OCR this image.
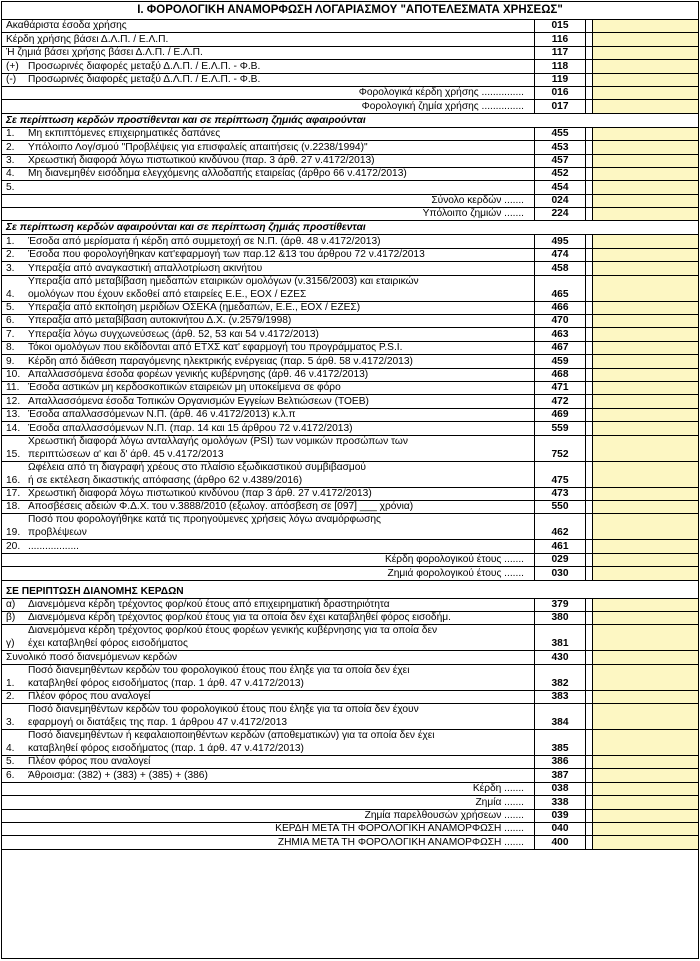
Ι. ΦΟΡΟΛΟΓΙΚΗ ΑΝΑΜΟΡΦΩΣΗ ΛΟΓΑΡΙΑΣΜΟΥ "ΑΠΟΤΕΛΕΣΜΑΤΑ ΧΡΗΣΕΩΣ"
Ακαθάριστα έσοδα χρήσης	015
Κέρδη χρήσης βάσει Δ.Λ.Π. / Ε.Λ.Π.	116
Ή ζημιά βάσει χρήσης βάσει Δ.Λ.Π. / Ε.Λ.Π.	117
(+) Προσωρινές διαφορές μεταξύ Δ.Λ.Π. / Ε.Λ.Π. - Φ.Β.	118
(-)	Προσωρινές διαφορές μεταξύ Δ.Λ.Π. / Ε.Λ.Π. - Φ.Β.	119
Φορολογικά κέρδη χρήσης ...............	016
Φορολογική ζημία χρήσης ...............	017
Σε περίπτωση κερδών προστίθενται και σε περίπτωση ζημιάς αφαιρούνται
1.	Μη εκπιπτόμενες επιχειρηματικές δαπάνες	455
2.	Υπόλοιπο Λογ/σμού "Προβλέψεις για επισφαλείς απαιτήσεις (ν.2238/1994)"	453
3.	Χρεωστική διαφορά λόγω πιστωτικού κινδύνου (παρ. 3 άρθ. 27 ν.4172/2013)	457
4.	Μη διανεμηθέν εισόδημα ελεγχόμενης αλλοδαπής εταιρείας (άρθρο 66 ν.4172/2013)	452
5.	454
Σύνολο κερδών .......	024
Υπόλοιπο ζημιών .......	224
Σε περίπτωση κερδών αφαιρούνται και σε περίπτωση ζημιάς προστίθενται
1.	Έσοδα από μερίσματα ή κέρδη από συμμετοχή σε Ν.Π. (άρθ. 48 ν.4172/2013)	495
2.	Έσοδα που φορολογήθηκαν κατ'εφαρμογή των παρ.12 &13 του άρθρου 72 ν.4172/2013	474
3.	Υπεραξία από αναγκαστική απαλλοτρίωση ακινήτου	458
4.
Υπεραξία από μεταβίβαση ημεδαπών εταιρικών ομολόγων (ν.3156/2003) και εταιρικών
ομολόγων που έχουν εκδοθεί από εταιρείες Ε.Ε., ΕΟΧ / ΕΖΕΣ	465
5.	Υπεραξία από εκποίηση μεριδίων ΟΣΕΚΑ (ημεδαπών, Ε.Ε., ΕΟΧ / ΕΖΕΣ)	466
6.	Υπεραξία από μεταβίβαση αυτοκινήτου Δ.Χ. (ν.2579/1998)	470
7.	Υπεραξία λόγω συγχωνεύσεως (άρθ. 52, 53 και 54 ν.4172/2013)	463
8.	Τόκοι ομολόγων που εκδίδονται από ΕΤΧΣ κατ' εφαρμογή του προγράμματος P.S.I.	467
9.	Κέρδη από διάθεση παραγόμενης ηλεκτρικής ενέργειας (παρ. 5 άρθ. 58 ν.4172/2013)	459
10. Απαλλασσόμενα έσοδα φορέων γενικής κυβέρνησης (άρθ. 46 ν.4172/2013)	468
11. Έσοδα αστικών μη κερδοσκοπικών εταιρειών μη υποκείμενα σε φόρο	471
12. Απαλλασσόμενα έσοδα Τοπικών Οργανισμών Εγγείων Βελτιώσεων (ΤΟΕΒ)	472
13. Έσοδα απαλλασσόμενων Ν.Π. (άρθ. 46 ν.4172/2013) κ.λ.π	469
14. Έσοδα απαλλασσόμενων Ν.Π. (παρ. 14 και 15 άρθρου 72 ν.4172/2013)	559
15.
Χρεωστική διαφορά λόγω ανταλλαγής ομολόγων (PSI) των νομικών προσώπων των
περιπτώσεων α' και δ' άρθ. 45 ν.4172/2013	752
16.
Ωφέλεια από τη διαγραφή χρέους στο πλαίσιο εξωδικαστικού συμβιβασμού
ή σε εκτέλεση δικαστικής απόφασης (άρθρο 62 ν.4389/2016)	475
17. Χρεωστική διαφορά λόγω πιστωτικού κινδύνου (παρ 3 άρθ. 27 ν.4172/2013)	473
18. Αποσβέσεις αδειών Φ.Δ.Χ. του ν.3888/2010 (εξωλογ. απόσβεση σε [097] ___ χρόνια)	550
19.
Ποσό που φορολογήθηκε κατά τις προηγούμενες χρήσεις λόγω αναμόρφωσης
προβλέψεων	462
20. ..................	461
Κέρδη φορολογικού έτους .......	029
Ζημιά φορολογικού έτους .......	030
ΣΕ ΠΕΡΙΠΤΩΣΗ ΔΙΑΝΟΜΗΣ ΚΕΡΔΩΝ
α)	Διανεμόμενα κέρδη τρέχοντος φορ/κού έτους από επιχειρηματική δραστηριότητα	379
β)	Διανεμόμενα κέρδη τρέχοντος φορ/κού έτους για τα οποία δεν έχει καταβληθεί φόρος εισοδήμ.	380
γ)
Διανεμόμενα κέρδη τρέχοντος φορ/κού έτους φορέων γενικής κυβέρνησης για τα οποία δεν
έχει καταβληθεί φόρος εισοδήματος	381
Συνολικό ποσό διανεμόμενων κερδών	430
1.
Ποσό διανεμηθέντων κερδών του φορολογικού έτους που έληξε για τα οποία δεν έχει
καταβληθεί φόρος εισοδήματος (παρ. 1 άρθ. 47 ν.4172/2013)	382
2.	Πλέον φόρος που αναλογεί	383
3.
Ποσό διανεμηθέντων κερδών του φορολογικού έτους που έληξε για τα οποία δεν έχουν
εφαρμογή οι διατάξεις της παρ. 1 άρθρου 47 ν.4172/2013	384
4.
Ποσό διανεμηθέντων ή κεφαλαιοποιηθέντων κερδών (αποθεματικών) για τα οποία δεν έχει
καταβληθεί φόρος εισοδήματος (παρ. 1 άρθ. 47 ν.4172/2013)	385
5.	Πλέον φόρος που αναλογεί	386
6.	Άθροισμα: (382) + (383) + (385) + (386)	387
Κέρδη .......	038
Ζημία .......	338
Ζημία παρελθουσών χρήσεων .......	039
ΚΕΡΔΗ ΜΕΤΑ ΤΗ ΦΟΡΟΛΟΓΙΚΗ ΑΝΑΜΟΡΦΩΣΗ .......	040
ΖΗΜΙΑ ΜΕΤΑ ΤΗ ΦΟΡΟΛΟΓΙΚΗ ΑΝΑΜΟΡΦΩΣΗ .......	400
